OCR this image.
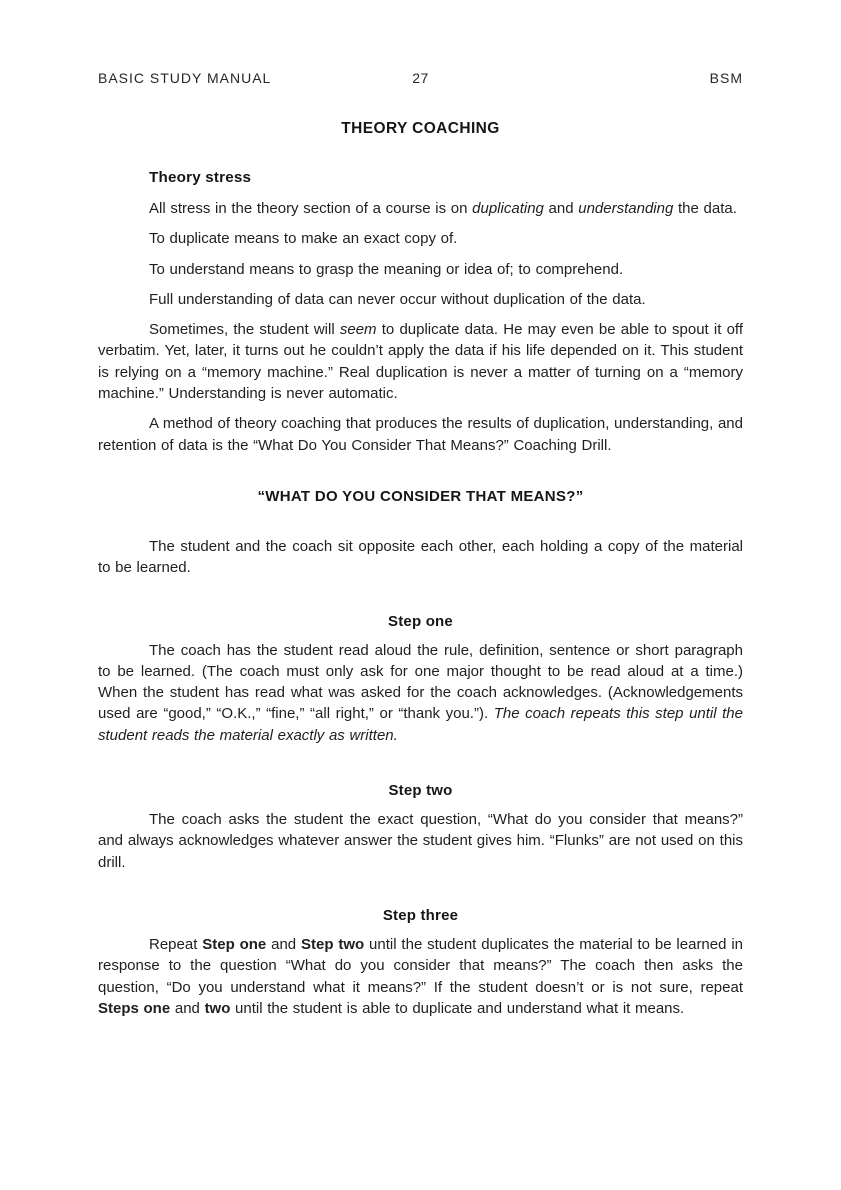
BASIC STUDY MANUAL	27	BSM
THEORY COACHING
Theory stress

All stress in the theory section of a course is on duplicating and understanding the data.

To duplicate means to make an exact copy of.

To understand means to grasp the meaning or idea of; to comprehend.

Full understanding of data can never occur without duplication of the data.

Sometimes, the student will seem to duplicate data. He may even be able to spout it off verbatim. Yet, later, it turns out he couldn’t apply the data if his life depended on it. This student is relying on a “memory machine.” Real duplication is never a matter of turning on a “memory machine.” Understanding is never automatic.

A method of theory coaching that produces the results of duplication, understanding, and retention of data is the “What Do You Consider That Means?” Coaching Drill.

“WHAT DO YOU CONSIDER THAT MEANS?”

The student and the coach sit opposite each other, each holding a copy of the material to be learned.

Step one

The coach has the student read aloud the rule, definition, sentence or short paragraph to be learned. (The coach must only ask for one major thought to be read aloud at a time.) When the student has read what was asked for the coach acknowledges. (Acknowledgements used are “good,” “O.K.,” “fine,” “all right,” or “thank you.”). The coach repeats this step until the student reads the material exactly as written.

Step two

The coach asks the student the exact question, “What do you consider that means?” and always acknowledges whatever answer the student gives him. “Flunks” are not used on this drill.

Step three

Repeat Step one and Step two until the student duplicates the material to be learned in response to the question “What do you consider that means?” The coach then asks the question, “Do you understand what it means?” If the student doesn’t or is not sure, repeat Steps one and two until the student is able to duplicate and understand what it means.
